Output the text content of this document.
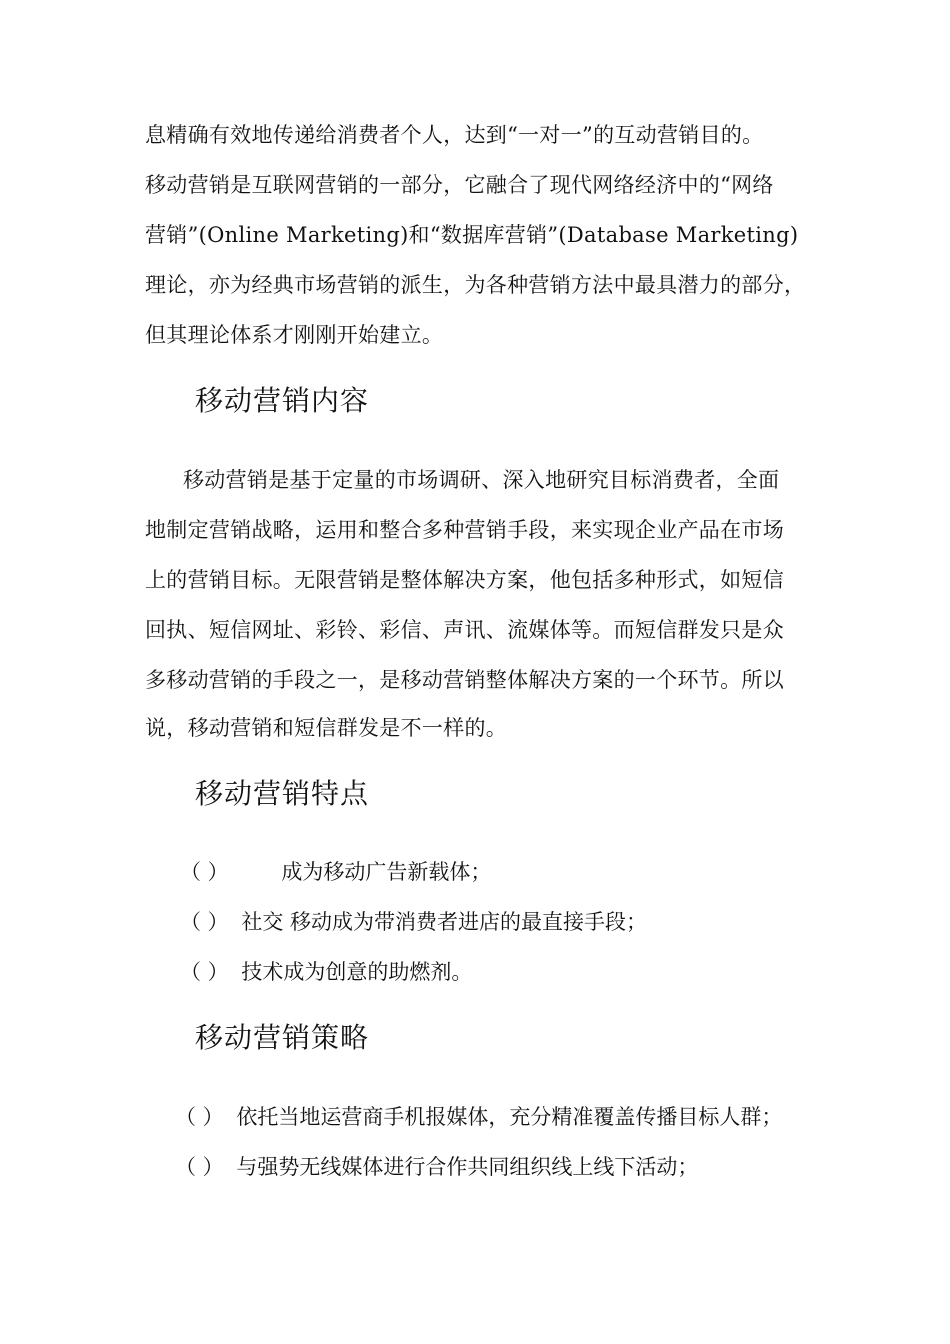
息精确有效地传递给消费者个人，达到“一对一”的互动营销目的。
移动营销是互联网营销的一部分，它融合了现代网络经济中的“网络
营销”(Online Marketing)和“数据库营销”(Database Marketing)
理论，亦为经典市场营销的派生，为各种营销方法中最具潜力的部分，
但其理论体系才刚刚开始建立。
移动营销内容
移动营销是基于定量的市场调研、深入地研究目标消费者，全面
地制定营销战略，运用和整合多种营销手段，来实现企业产品在市场
上的营销目标。无限营销是整体解决方案，他包括多种形式，如短信
回执、短信网址、彩铃、彩信、声讯、流媒体等。而短信群发只是众
多移动营销的手段之一，是移动营销整体解决方案的一个环节。所以
说，移动营销和短信群发是不一样的。
移动营销特点
（ ）	成为移动广告新载体；
（ ） 社交 移动成为带消费者进店的最直接手段；
（ ） 技术成为创意的助燃剂。
移动营销策略
（ ） 依托当地运营商手机报媒体，充分精准覆盖传播目标人群；
（ ） 与强势无线媒体进行合作共同组织线上线下活动；
